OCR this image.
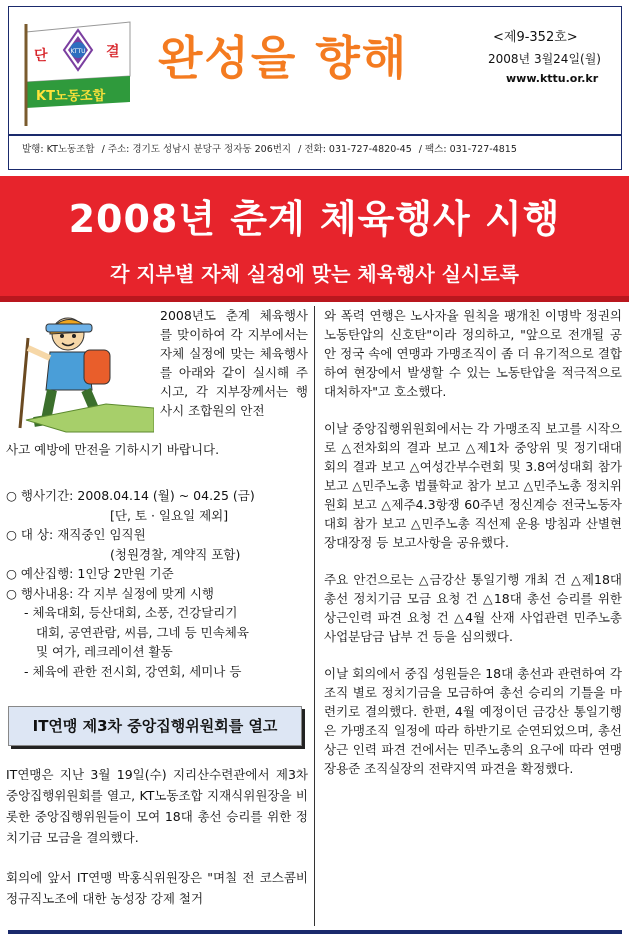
단	결
KTTU
KT노동조합
완성을 향해	<제9-352호>
2008년 3월24일(월)
www.kttu.or.kr
발행: KT노동조합 / 주소: 경기도 성남시 분당구 정자동 206번지 / 전화: 031-727-4820-45 / 팩스: 031-727-4815
2008년 춘계 체육행사 시행
각 지부별 자체 실정에 맞는 체육행사 실시토록
2008년도 춘계 체육행사를 맞이하여 각 지부에서는 자체 실정에 맞는 체육행사를 아래와 같이 실시해 주시고, 각 지부장께서는 행사시 조합원의 안전
사고 예방에 만전을 기하시기 바랍니다.
○ 행사기간: 2008.04.14 (월) ~ 04.25 (금)
[단, 토 · 일요일 제외]
○ 대 상: 재직중인 임직원
(청원경찰, 계약직 포함)
○ 예산집행: 1인당 2만원 기준
○ 행사내용: 각 지부 실정에 맞게 시행
- 체육대회, 등산대회, 소풍, 건강달리기
대회, 공연관람, 씨름, 그네 등 민속체육
및 여가, 레크레이션 활동
- 체육에 관한 전시회, 강연회, 세미나 등
IT연맹 제3차 중앙집행위원회를 열고

IT연맹은 지난 3월 19일(수) 지리산수련관에서 제3차 중앙집행위원회를 열고, KT노동조합 지재식위원장을 비롯한 중앙집행위원들이 모여 18대 총선 승리를 위한 정치기금 모금을 결의했다.

회의에 앞서 IT연맹 박홍식위원장은 "며칠 전 코스콤비정규직노조에 대한 농성장 강제 철거

와 폭력 연행은 노사자율 원칙을 팽개친 이명박 정권의 노동탄압의 신호탄"이라 정의하고, "앞으로 전개될 공안 정국 속에 연맹과 가맹조직이 좀 더 유기적으로 결합하여 현장에서 발생할 수 있는 노동탄압을 적극적으로 대처하자"고 호소했다.

이날 중앙집행위원회에서는 각 가맹조직 보고를 시작으로 △전차회의 결과 보고 △제1차 중앙위 및 정기대대 회의 결과 보고 △여성간부수련회 및 3.8여성대회 참가 보고 △민주노총 법률학교 참가 보고 △민주노총 정치위원회 보고 △제주4.3항쟁 60주년 정신계승 전국노동자대회 참가 보고 △민주노총 직선제 운용 방침과 산별현장대장정 등 보고사항을 공유했다.

주요 안건으로는 △금강산 통일기행 개최 건 △제18대 총선 정치기금 모금 요청 건 △18대 총선 승리를 위한 상근인력 파견 요청 건 △4월 산재 사업관련 민주노총 사업분담금 납부 건 등을 심의했다.

이날 회의에서 중집 성원들은 18대 총선과 관련하여 각 조직 별로 정치기금을 모금하여 총선 승리의 기틀을 마련키로 결의했다. 한편, 4월 예정이던 금강산 통일기행은 가맹조직 일정에 따라 하반기로 순연되었으며, 총선 상근 인력 파견 건에서는 민주노총의 요구에 따라 연맹 장용준 조직실장의 전략지역 파견을 확정했다.
